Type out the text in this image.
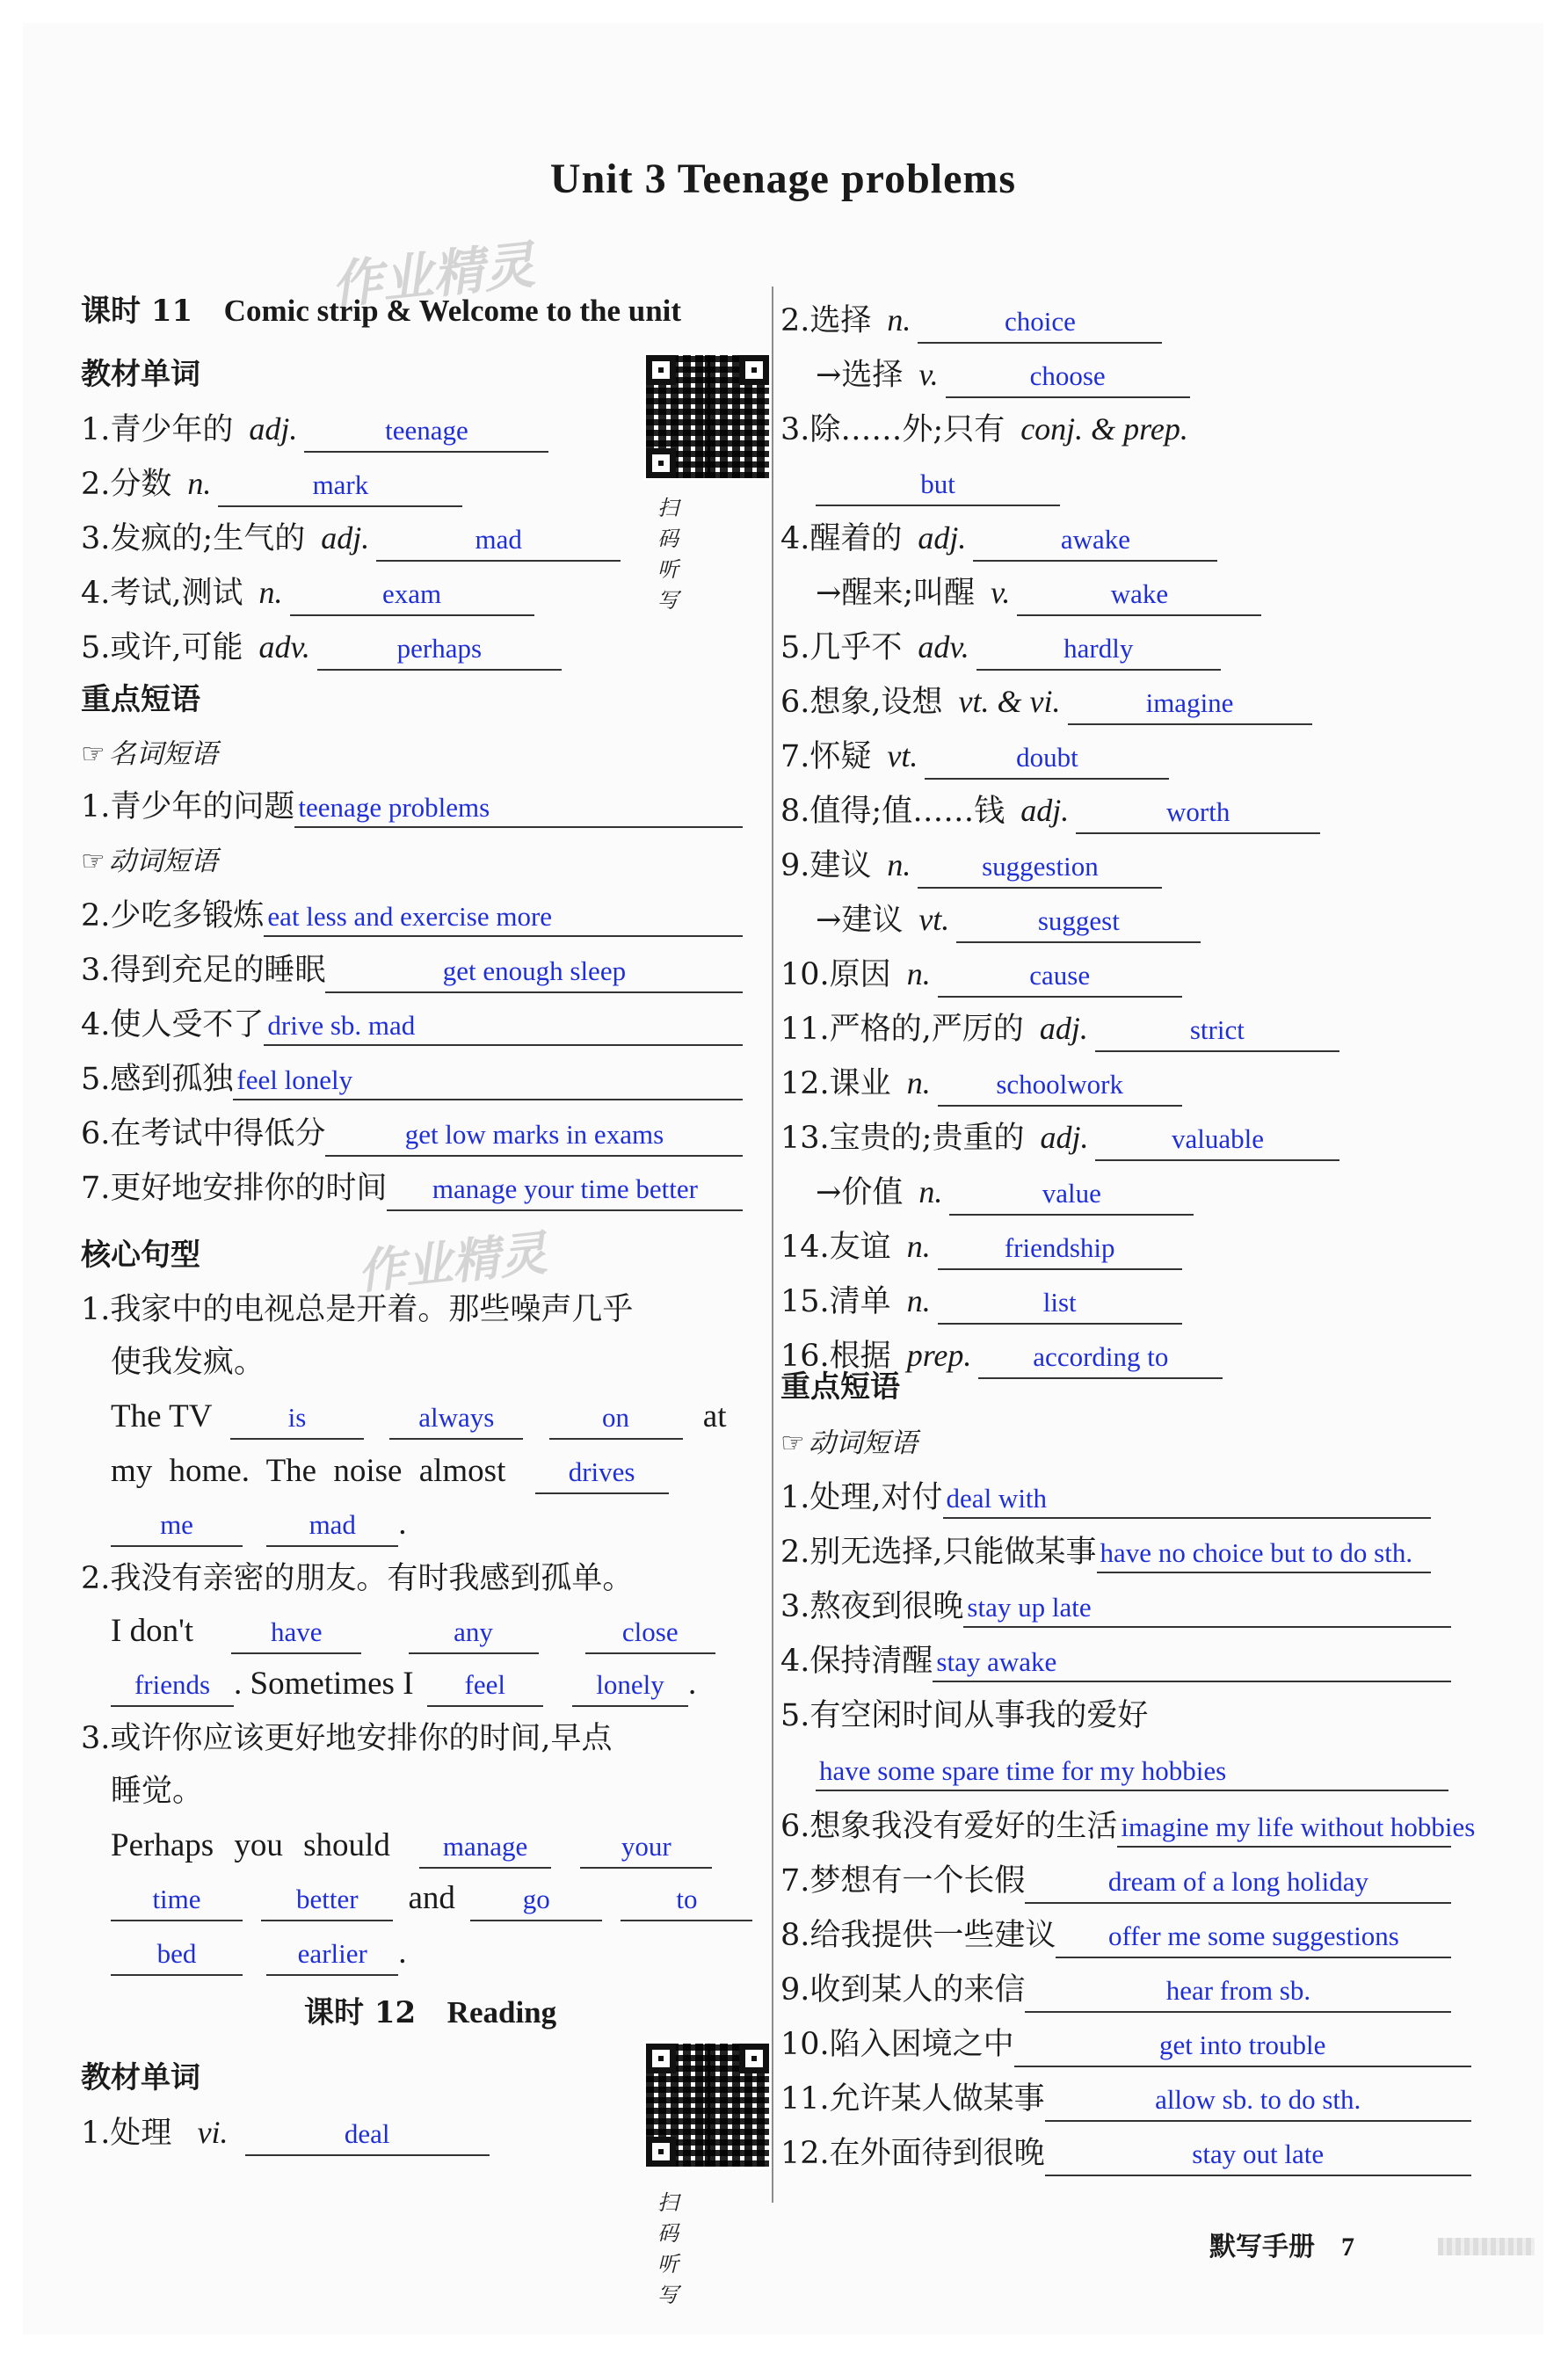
Unit 3 Teenage problems
作业精灵
作业精灵
课时 11 Comic strip & Welcome to the unit
扫码听写
教材单词
1.青少年的 adj.	teenage
2.分数 n.	mark
3.发疯的;生气的 adj.	mad
4.考试,测试 n.	exam
5.或许,可能 adv.	perhaps
重点短语
☞ 名词短语
1.青少年的问题 teenage problems
☞ 动词短语
2.少吃多锻炼 eat less and exercise more
3.得到充足的睡眠	get enough sleep
4.使人受不了 drive sb. mad
5.感到孤独 feel lonely
6.在考试中得低分	get low marks in exams
7.更好地安排你的时间 manage your time better
核心句型
1.我家中的电视总是开着。那些噪声几乎
使我发疯。
The TV	is	always	on at
my home. The noise almost drives
me	mad .
2.我没有亲密的朋友。有时我感到孤单。
I don't	have	any	close
friends . Sometimes I feel	lonely .
3.或许你应该更好地安排你的时间,早点
睡觉。
Perhaps you should manage	your
time	better and go	to
bed	earlier .
课时 12 Reading
教材单词
1.处理 vi.	deal
扫码听写
2.选择 n.	choice
→选择 v.	choose
3.除……外;只有 conj. & prep.
but
4.醒着的 adj.	awake
→醒来;叫醒 v.	wake
5.几乎不 adv.	hardly
6.想象,设想 vt. & vi.	imagine
7.怀疑 vt.	doubt
8.值得;值……钱 adj.	worth
9.建议 n.	suggestion
→建议 vt.	suggest
10.原因 n.	cause
11.严格的,严厉的 adj.	strict
12.课业 n. schoolwork
13.宝贵的;贵重的 adj.	valuable
→价值 n.	value
14.友谊 n.	friendship
15.清单 n.	list
16.根据 prep. according to
重点短语
☞ 动词短语
1.处理,对付 deal with
2.别无选择,只能做某事 have no choice but to do sth.
3.熬夜到很晚 stay up late
4.保持清醒 stay awake
5.有空闲时间从事我的爱好
have some spare time for my hobbies
6.想象我没有爱好的生活 imagine my life without hobbies
7.梦想有一个长假	dream of a long holiday
8.给我提供一些建议 offer me some suggestions
9.收到某人的来信	hear from sb.
10.陷入困境之中	get into trouble
11.允许某人做某事	allow sb. to do sth.
12.在外面待到很晚	stay out late
默写手册 7
